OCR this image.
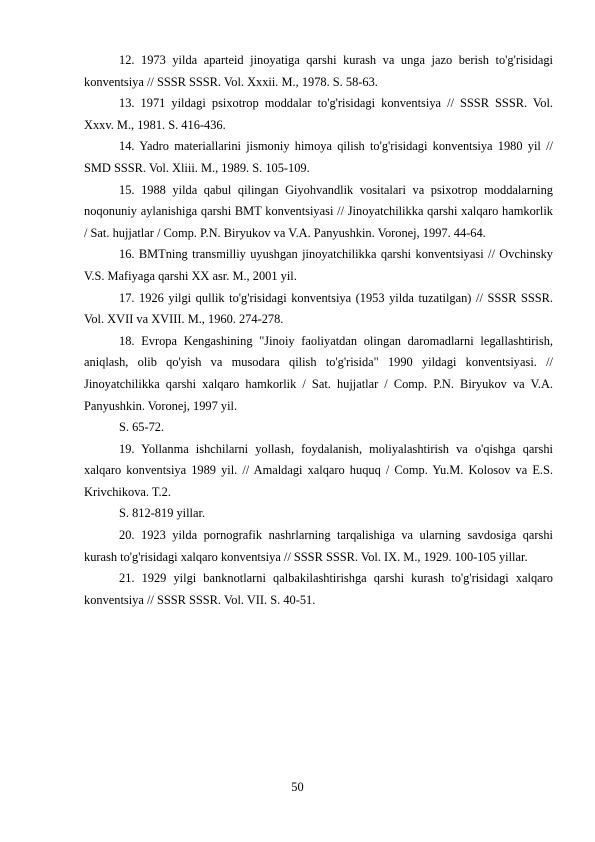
12. 1973 yilda aparteid jinoyatiga qarshi kurash va unga jazo berish to'g'risidagi konventsiya // SSSR SSSR. Vol. Xxxii. M., 1978. S. 58-63.

13. 1971 yildagi psixotrop moddalar to'g'risidagi konventsiya // SSSR SSSR. Vol. Xxxv. M., 1981. S. 416-436.

14. Yadro materiallarini jismoniy himoya qilish to'g'risidagi konventsiya 1980 yil // SMD SSSR. Vol. Xliii. M., 1989. S. 105-109.

15. 1988 yilda qabul qilingan Giyohvandlik vositalari va psixotrop moddalarning noqonuniy aylanishiga qarshi BMT konventsiyasi // Jinoyatchilikka qarshi xalqaro hamkorlik / Sat. hujjatlar / Comp. P.N. Biryukov va V.A. Panyushkin. Voronej, 1997. 44-64.

16. BMTning transmilliy uyushgan jinoyatchilikka qarshi konventsiyasi // Ovchinsky V.S. Mafiyaga qarshi XX asr. M., 2001 yil.

17. 1926 yilgi qullik to'g'risidagi konventsiya (1953 yilda tuzatilgan) // SSSR SSSR. Vol. XVII va XVIII. M., 1960. 274-278.

18. Evropa Kengashining "Jinoiy faoliyatdan olingan daromadlarni legallashtirish, aniqlash, olib qo'yish va musodara qilish to'g'risida" 1990 yildagi konventsiyasi. // Jinoyatchilikka qarshi xalqaro hamkorlik / Sat. hujjatlar / Comp. P.N. Biryukov va V.A. Panyushkin. Voronej, 1997 yil.

S. 65-72.

19. Yollanma ishchilarni yollash, foydalanish, moliyalashtirish va o'qishga qarshi xalqaro konventsiya 1989 yil. // Amaldagi xalqaro huquq / Comp. Yu.M. Kolosov va E.S. Krivchikova. T.2.

S. 812-819 yillar.

20. 1923 yilda pornografik nashrlarning tarqalishiga va ularning savdosiga qarshi kurash to'g'risidagi xalqaro konventsiya // SSSR SSSR. Vol. IX. M., 1929. 100-105 yillar.

21. 1929 yilgi banknotlarni qalbakilashtirishga qarshi kurash to'g'risidagi xalqaro konventsiya // SSSR SSSR. Vol. VII. S. 40-51.

50
